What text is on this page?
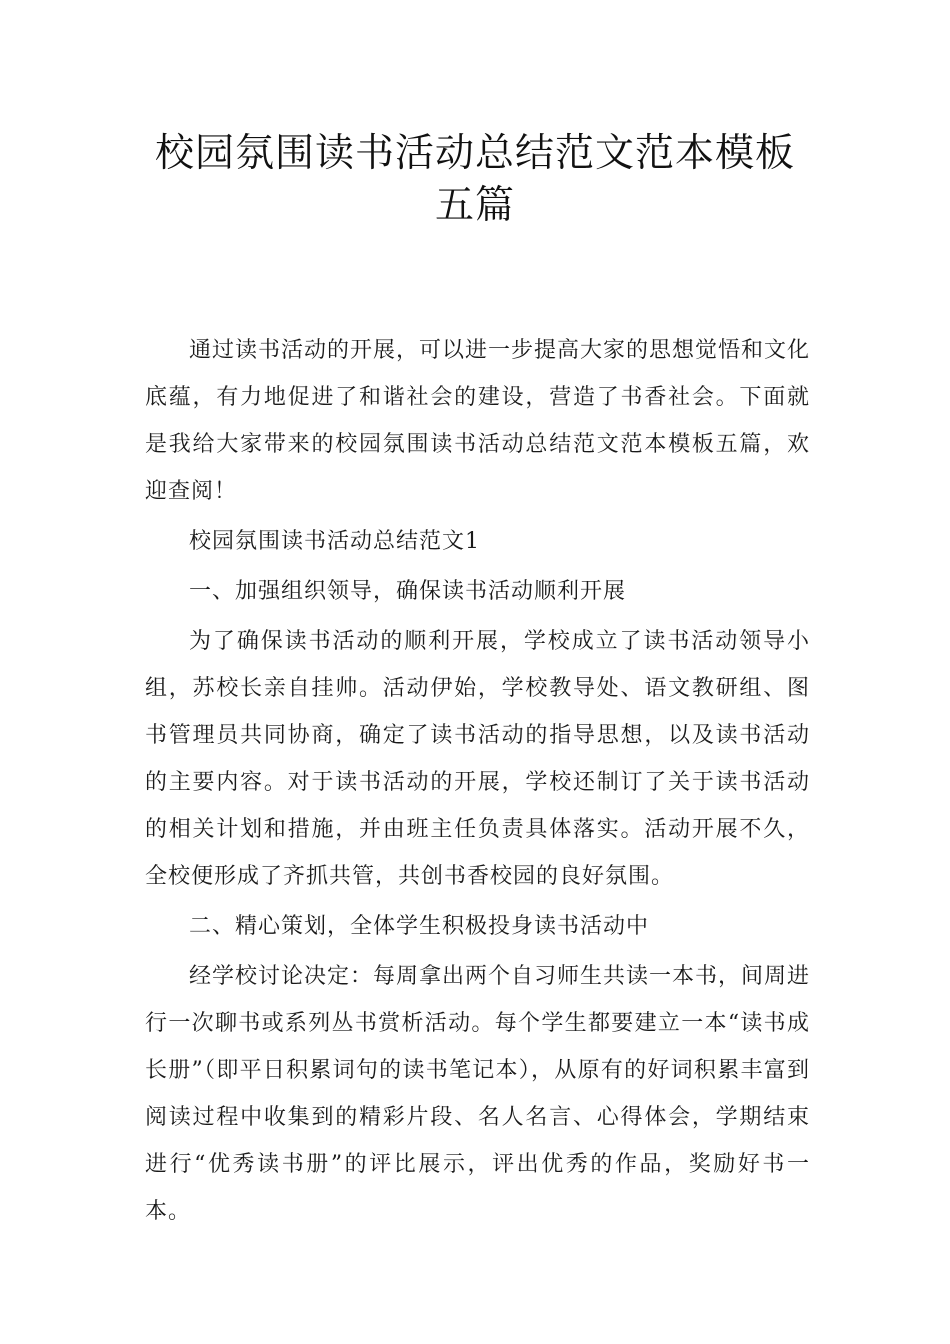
校园氛围读书活动总结范文范本模板五篇

通过读书活动的开展，可以进一步提高大家的思想觉悟和文化底蕴，有力地促进了和谐社会的建设，营造了书香社会。下面就是我给大家带来的校园氛围读书活动总结范文范本模板五篇，欢迎查阅！

校园氛围读书活动总结范文1

一、加强组织领导，确保读书活动顺利开展

为了确保读书活动的顺利开展，学校成立了读书活动领导小组，苏校长亲自挂帅。活动伊始，学校教导处、语文教研组、图书管理员共同协商，确定了读书活动的指导思想，以及读书活动的主要内容。对于读书活动的开展，学校还制订了关于读书活动的相关计划和措施，并由班主任负责具体落实。活动开展不久，全校便形成了齐抓共管，共创书香校园的良好氛围。

二、精心策划，全体学生积极投身读书活动中

经学校讨论决定：每周拿出两个自习师生共读一本书，间周进行一次聊书或系列丛书赏析活动。每个学生都要建立一本“读书成长册”（即平日积累词句的读书笔记本），从原有的好词积累丰富到阅读过程中收集到的精彩片段、名人名言、心得体会，学期结束进行“优秀读书册”的评比展示，评出优秀的作品，奖励好书一本。
